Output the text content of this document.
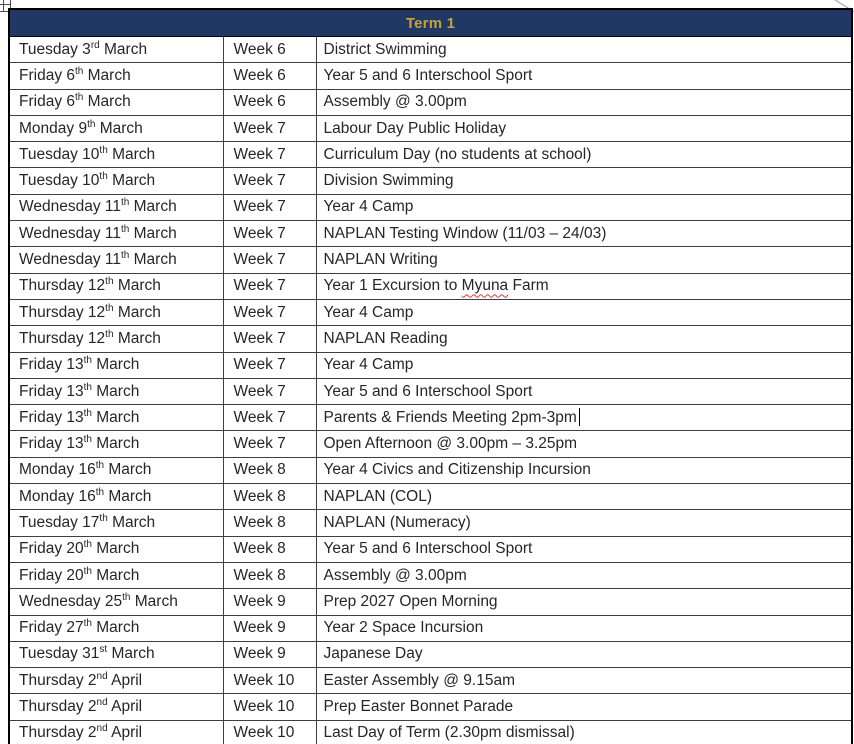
Term 1		
Tuesday 3rd March	Week 6	District Swimming
Friday 6th March	Week 6	Year 5 and 6 Interschool Sport
Friday 6th March	Week 6	Assembly @ 3.00pm
Monday 9th March	Week 7	Labour Day Public Holiday
Tuesday 10th March	Week 7	Curriculum Day (no students at school)
Tuesday 10th March	Week 7	Division Swimming
Wednesday 11th March	Week 7	Year 4 Camp
Wednesday 11th March	Week 7	NAPLAN Testing Window (11/03 – 24/03)
Wednesday 11th March	Week 7	NAPLAN Writing
Thursday 12th March	Week 7	Year 1 Excursion to Myuna Farm
Thursday 12th March	Week 7	Year 4 Camp
Thursday 12th March	Week 7	NAPLAN Reading
Friday 13th March	Week 7	Year 4 Camp
Friday 13th March	Week 7	Year 5 and 6 Interschool Sport
Friday 13th March	Week 7	Parents & Friends Meeting 2pm-3pm
Friday 13th March	Week 7	Open Afternoon @ 3.00pm – 3.25pm
Monday 16th March	Week 8	Year 4 Civics and Citizenship Incursion
Monday 16th March	Week 8	NAPLAN (COL)
Tuesday 17th March	Week 8	NAPLAN (Numeracy)
Friday 20th March	Week 8	Year 5 and 6 Interschool Sport
Friday 20th March	Week 8	Assembly @ 3.00pm
Wednesday 25th March	Week 9	Prep 2027 Open Morning
Friday 27th March	Week 9	Year 2 Space Incursion
Tuesday 31st March	Week 9	Japanese Day
Thursday 2nd April	Week 10	Easter Assembly @ 9.15am
Thursday 2nd April	Week 10	Prep Easter Bonnet Parade
Thursday 2nd April	Week 10	Last Day of Term (2.30pm dismissal)
